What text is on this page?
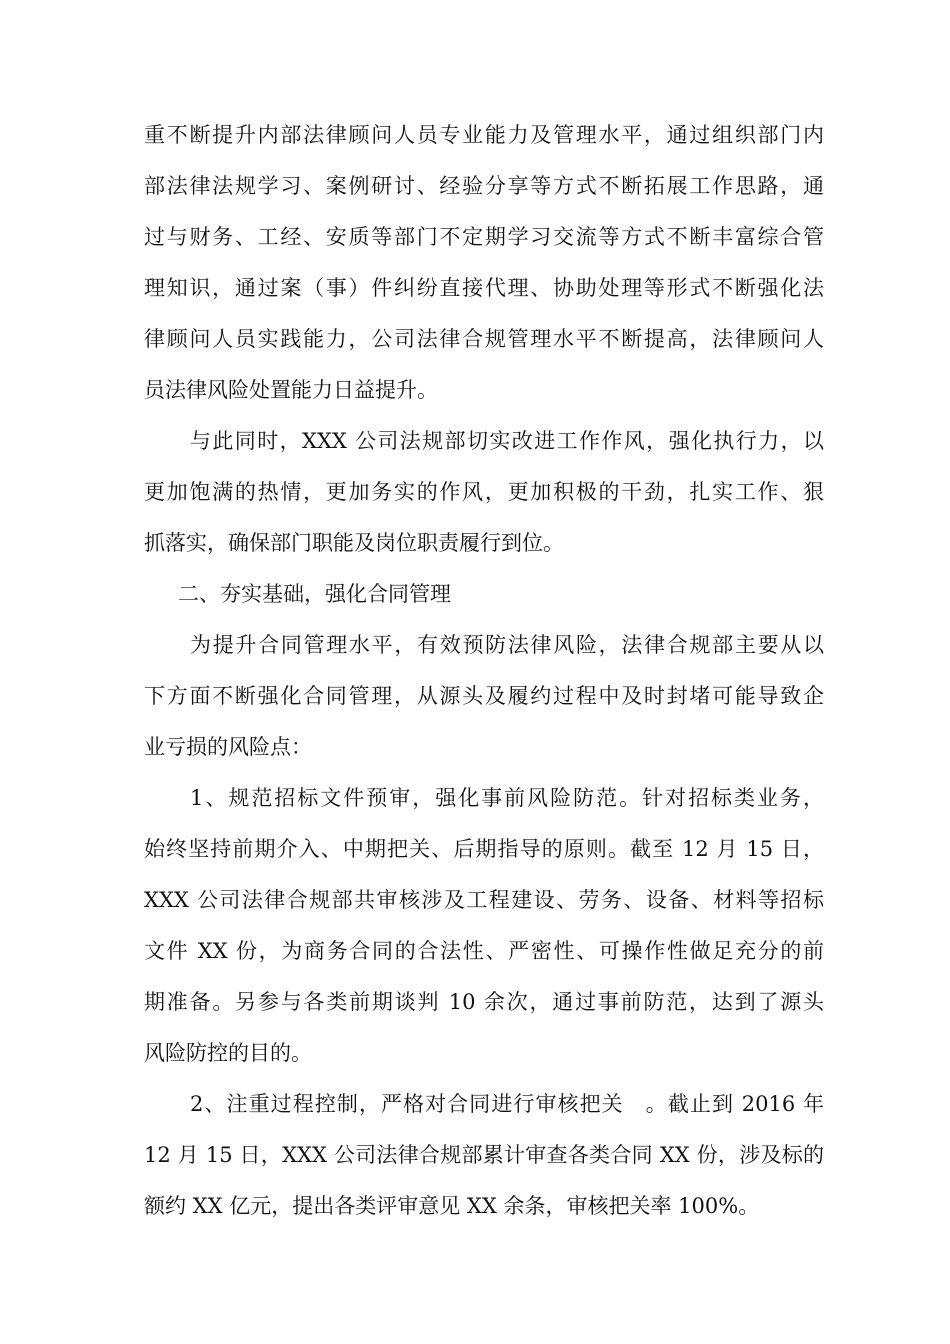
重不断提升内部法律顾问人员专业能力及管理水平，通过组织部门内
部法律法规学习、案例研讨、经验分享等方式不断拓展工作思路，通
过与财务、工经、安质等部门不定期学习交流等方式不断丰富综合管
理知识，通过案（事）件纠纷直接代理、协助处理等形式不断强化法
律顾问人员实践能力，公司法律合规管理水平不断提高，法律顾问人
员法律风险处置能力日益提升。
与此同时，XXX 公司法规部切实改进工作作风，强化执行力，以
更加饱满的热情，更加务实的作风，更加积极的干劲，扎实工作、狠
抓落实，确保部门职能及岗位职责履行到位。
二、夯实基础，强化合同管理
为提升合同管理水平，有效预防法律风险，法律合规部主要从以
下方面不断强化合同管理，从源头及履约过程中及时封堵可能导致企
业亏损的风险点：
1、规范招标文件预审，强化事前风险防范。针对招标类业务，
始终坚持前期介入、中期把关、后期指导的原则。截至 12 月 15 日，
XXX 公司法律合规部共审核涉及工程建设、劳务、设备、材料等招标
文件 XX 份，为商务合同的合法性、严密性、可操作性做足充分的前
期准备。另参与各类前期谈判 10 余次，通过事前防范，达到了源头
风险防控的目的。
2、注重过程控制，严格对合同进行审核把关　。截止到 2016 年
12 月 15 日，XXX 公司法律合规部累计审查各类合同 XX 份，涉及标的
额约 XX 亿元，提出各类评审意见 XX 余条，审核把关率 100%。
